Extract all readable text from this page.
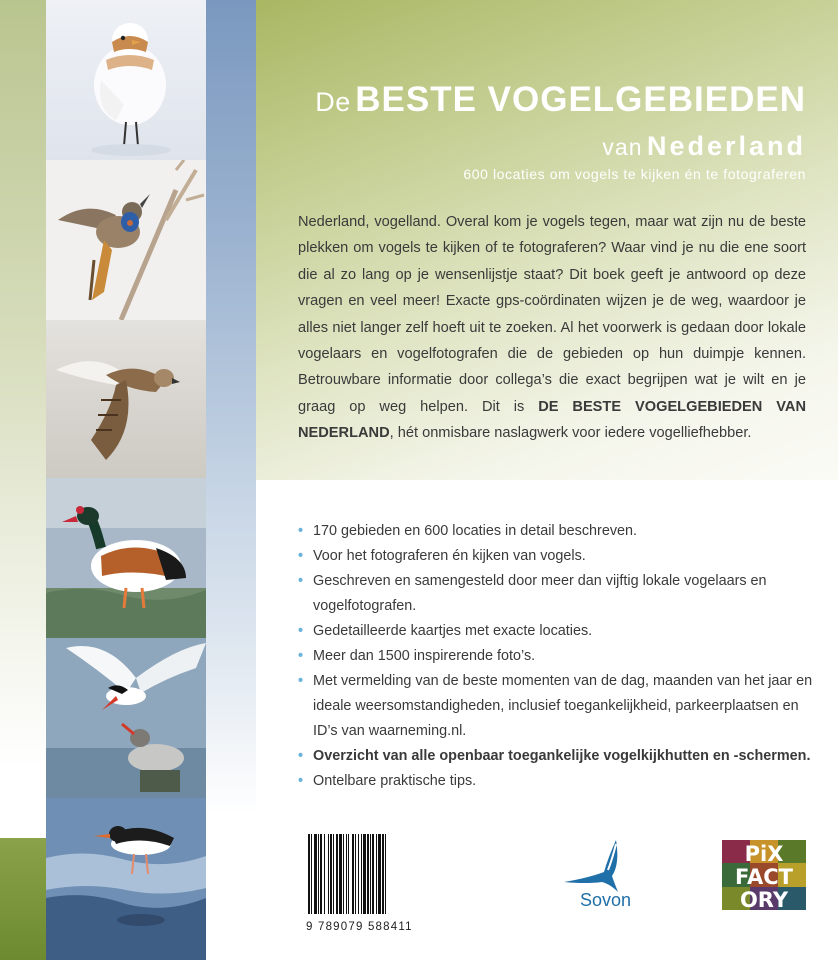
De BESTE VOGELGEBIEDEN
van Nederland
600 locaties om vogels te kijken én te fotograferen
Nederland, vogelland. Overal kom je vogels tegen, maar wat zijn nu de beste plekken om vogels te kijken of te fotograferen? Waar vind je nu die ene soort die al zo lang op je wensenlijstje staat? Dit boek geeft je antwoord op deze vragen en veel meer! Exacte gps-coördinaten wijzen je de weg, waardoor je alles niet langer zelf hoeft uit te zoeken. Al het voorwerk is gedaan door lokale vogelaars en vogelfotografen die de gebieden op hun duimpje kennen. Betrouwbare informatie door collega’s die exact begrijpen wat je wilt en je graag op weg helpen. Dit is DE BESTE VOGELGEBIEDEN VAN NEDERLAND, hét onmisbare naslagwerk voor iedere vogelliefhebber.
• 170 gebieden en 600 locaties in detail beschreven.
• Voor het fotograferen én kijken van vogels.
• Geschreven en samengesteld door meer dan vijftig lokale vogelaars en vogelfotografen.
• Gedetailleerde kaartjes met exacte locaties.
• Meer dan 1500 inspirerende foto’s.
• Met vermelding van de beste momenten van de dag, maanden van het jaar en ideale weersomstandigheden, inclusief toegankelijkheid, parkeerplaatsen en ID’s van waarneming.nl.
• Overzicht van alle openbaar toegankelijke vogelkijkhutten en -schermen.
• Ontelbare praktische tips.
9 789079 588411
Sovon
PiX
FACT
ORY
